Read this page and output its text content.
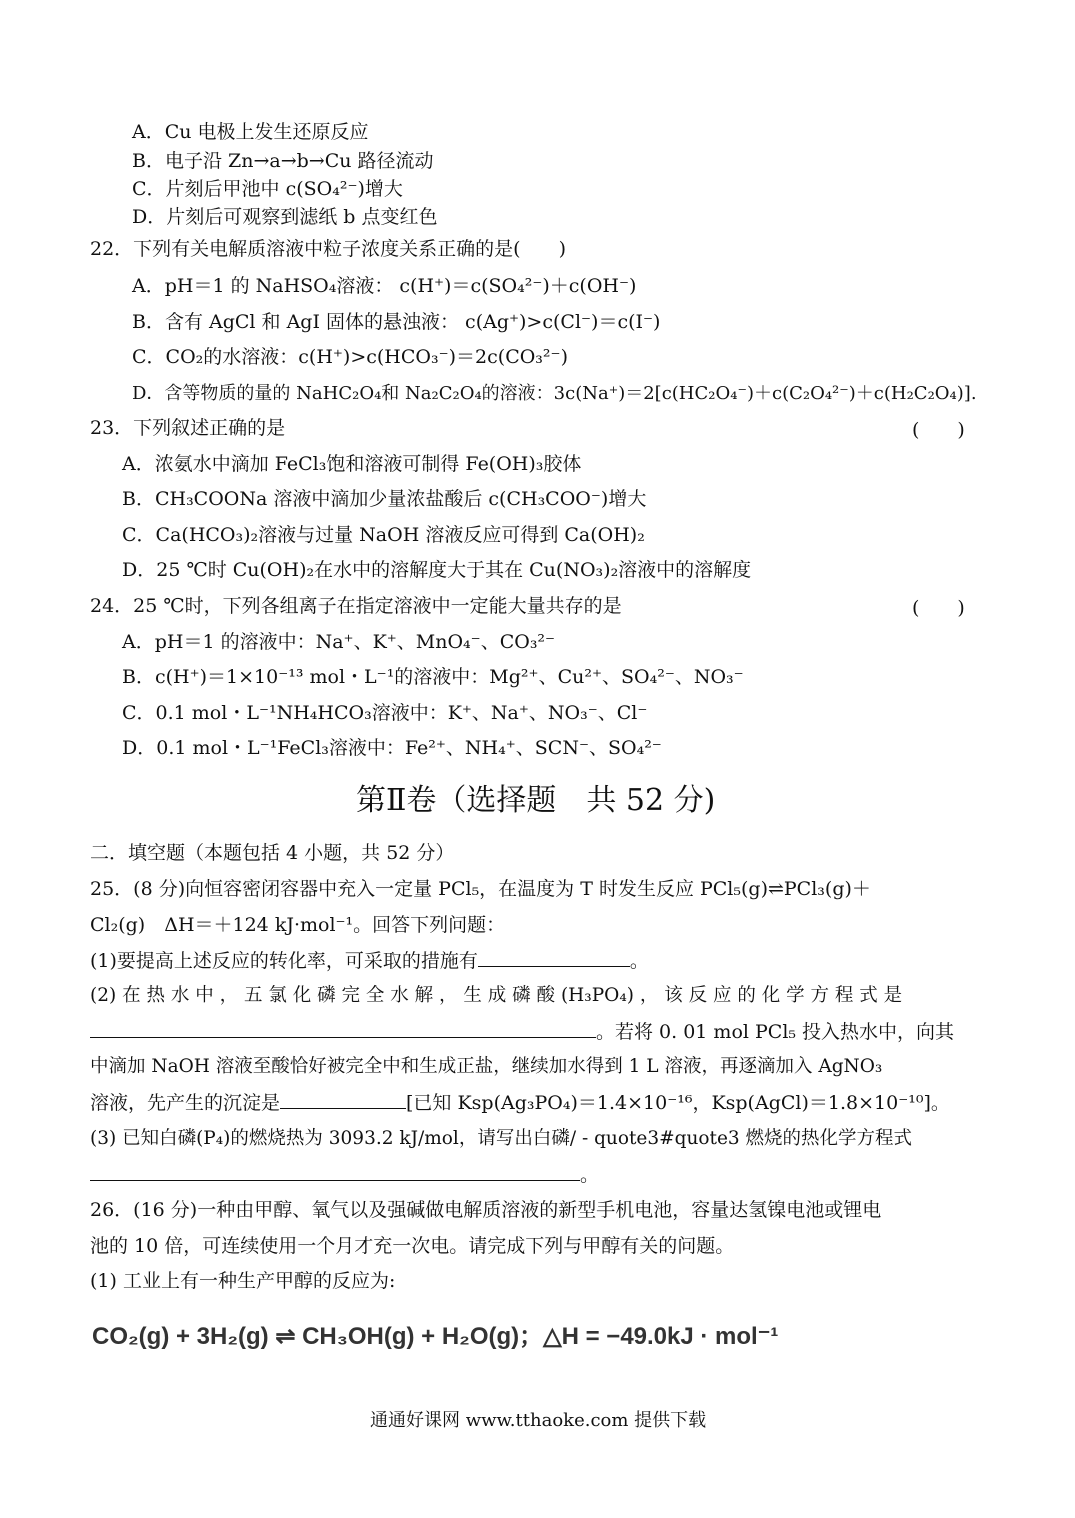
A．Cu 电极上发生还原反应
B．电子沿 Zn→a→b→Cu 路径流动
C．片刻后甲池中 c(SO₄²⁻)增大
D．片刻后可观察到滤纸 b 点变红色
22．下列有关电解质溶液中粒子浓度关系正确的是(　　)
A．pH＝1 的 NaHSO₄溶液： c(H⁺)＝c(SO₄²⁻)＋c(OH⁻)
B．含有 AgCl 和 AgI 固体的悬浊液： c(Ag⁺)>c(Cl⁻)＝c(I⁻)
C．CO₂的水溶液：c(H⁺)>c(HCO₃⁻)＝2c(CO₃²⁻)
D．含等物质的量的 NaHC₂O₄和 Na₂C₂O₄的溶液：3c(Na⁺)＝2[c(HC₂O₄⁻)＋c(C₂O₄²⁻)＋c(H₂C₂O₄)].
23．下列叙述正确的是	(　　)
A．浓氨水中滴加 FeCl₃饱和溶液可制得 Fe(OH)₃胶体
B．CH₃COONa 溶液中滴加少量浓盐酸后 c(CH₃COO⁻)增大
C．Ca(HCO₃)₂溶液与过量 NaOH 溶液反应可得到 Ca(OH)₂
D．25 ℃时 Cu(OH)₂在水中的溶解度大于其在 Cu(NO₃)₂溶液中的溶解度
24．25 ℃时，下列各组离子在指定溶液中一定能大量共存的是	(　　)
A．pH＝1 的溶液中：Na⁺、K⁺、MnO₄⁻、CO₃²⁻
B．c(H⁺)＝1×10⁻¹³ mol・L⁻¹的溶液中：Mg²⁺、Cu²⁺、SO₄²⁻、NO₃⁻
C．0.1 mol・L⁻¹NH₄HCO₃溶液中：K⁺、Na⁺、NO₃⁻、Cl⁻
D．0.1 mol・L⁻¹FeCl₃溶液中：Fe²⁺、NH₄⁺、SCN⁻、SO₄²⁻
第Ⅱ卷（选择题　共 52 分)
二．填空题（本题包括 4 小题，共 52 分）
25．(8 分)向恒容密闭容器中充入一定量 PCl₅，在温度为 T 时发生反应 PCl₅(g)⇌PCl₃(g)＋
Cl₂(g)　ΔH＝＋124 kJ·mol⁻¹。回答下列问题：
(1)要提高上述反应的转化率，可采取的措施有	。
(2) 在 热 水 中 ， 五 氯 化 磷 完 全 水 解 ， 生 成 磷 酸 (H₃PO₄) ， 该 反 应 的 化 学 方 程 式 是
。若将 0. 01 mol PCl₅ 投入热水中，向其
中滴加 NaOH 溶液至酸恰好被完全中和生成正盐，继续加水得到 1 L 溶液，再逐滴加入 AgNO₃
溶液，先产生的沉淀是	[已知 Ksp(Ag₃PO₄)＝1.4×10⁻¹⁶，Ksp(AgCl)＝1.8×10⁻¹⁰]。
(3) 已知白磷(P₄)的燃烧热为 3093.2 kJ/mol，请写出白磷/ - quote3#quote3 燃烧的热化学方程式
。
26．(16 分)一种由甲醇、氧气以及强碱做电解质溶液的新型手机电池，容量达氢镍电池或锂电
池的 10 倍，可连续使用一个月才充一次电。请完成下列与甲醇有关的问题。
(1) 工业上有一种生产甲醇的反应为:
CO₂(g) + 3H₂(g) ⇌ CH₃OH(g) + H₂O(g)；△H = −49.0kJ · mol⁻¹
通通好课网 www.tthaoke.com 提供下载
